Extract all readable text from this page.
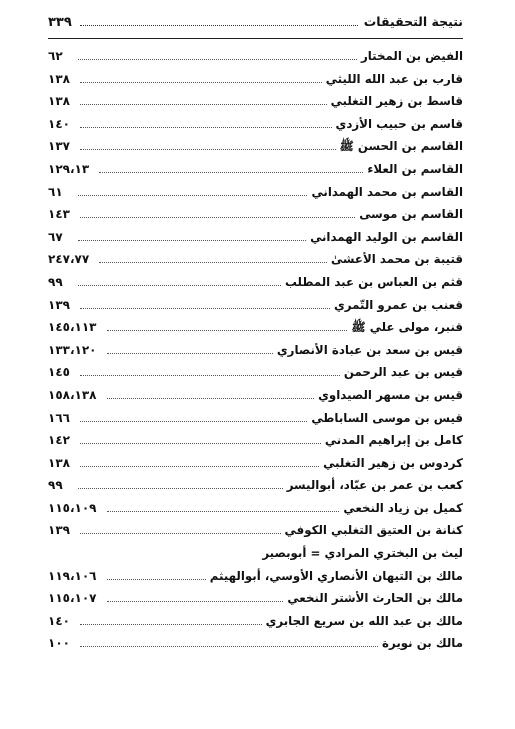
نتيجة التحقيقات
٣٣٩
الفيض بن المختار
٦٢
قارب بن عبد الله الليثي
١٣٨
قاسط بن زهير التغلبي
١٣٨
قاسم بن حبيب الأزدي
١٤٠
القاسم بن الحسن ﷺ
١٣٧
القاسم بن العلاء
١٢٩،١٣
القاسم بن محمد الهمداني
٦١
القاسم بن موسى
١٤٣
القاسم بن الوليد الهمداني
٦٧
قتيبة بن محمد الأعشىٰ
٢٤٧،٧٧
قثم بن العباس بن عبد المطلب
٩٩
قعنب بن عمرو التّمري
١٣٩
قنبر، مولى علي ﷺ
١٤٥،١١٣
قيس بن سعد بن عبادة الأنصاري
١٣٣،١٢٠
قيس بن عبد الرحمن
١٤٥
قيس بن مسهر الصيداوي
١٥٨،١٣٨
قيس بن موسى الساباطي
١٦٦
كامل بن إبراهيم المدني
١٤٢
كردوس بن زهير التغلبي
١٣٨
كعب بن عمر بن عبّاد، أبواليسر
٩٩
كميل بن زياد النخعي
١١٥،١٠٩
كنانة بن العتيق التغلبي الكوفي
١٣٩
ليث بن البختري المرادي = أبوبصير
مالك بن التيهان الأنصاري الأوسي، أبوالهيثم
١١٩،١٠٦
مالك بن الحارث الأشتر النخعي
١١٥،١٠٧
مالك بن عبد الله بن سريع الجابري
١٤٠
مالك بن نويرة
١٠٠
